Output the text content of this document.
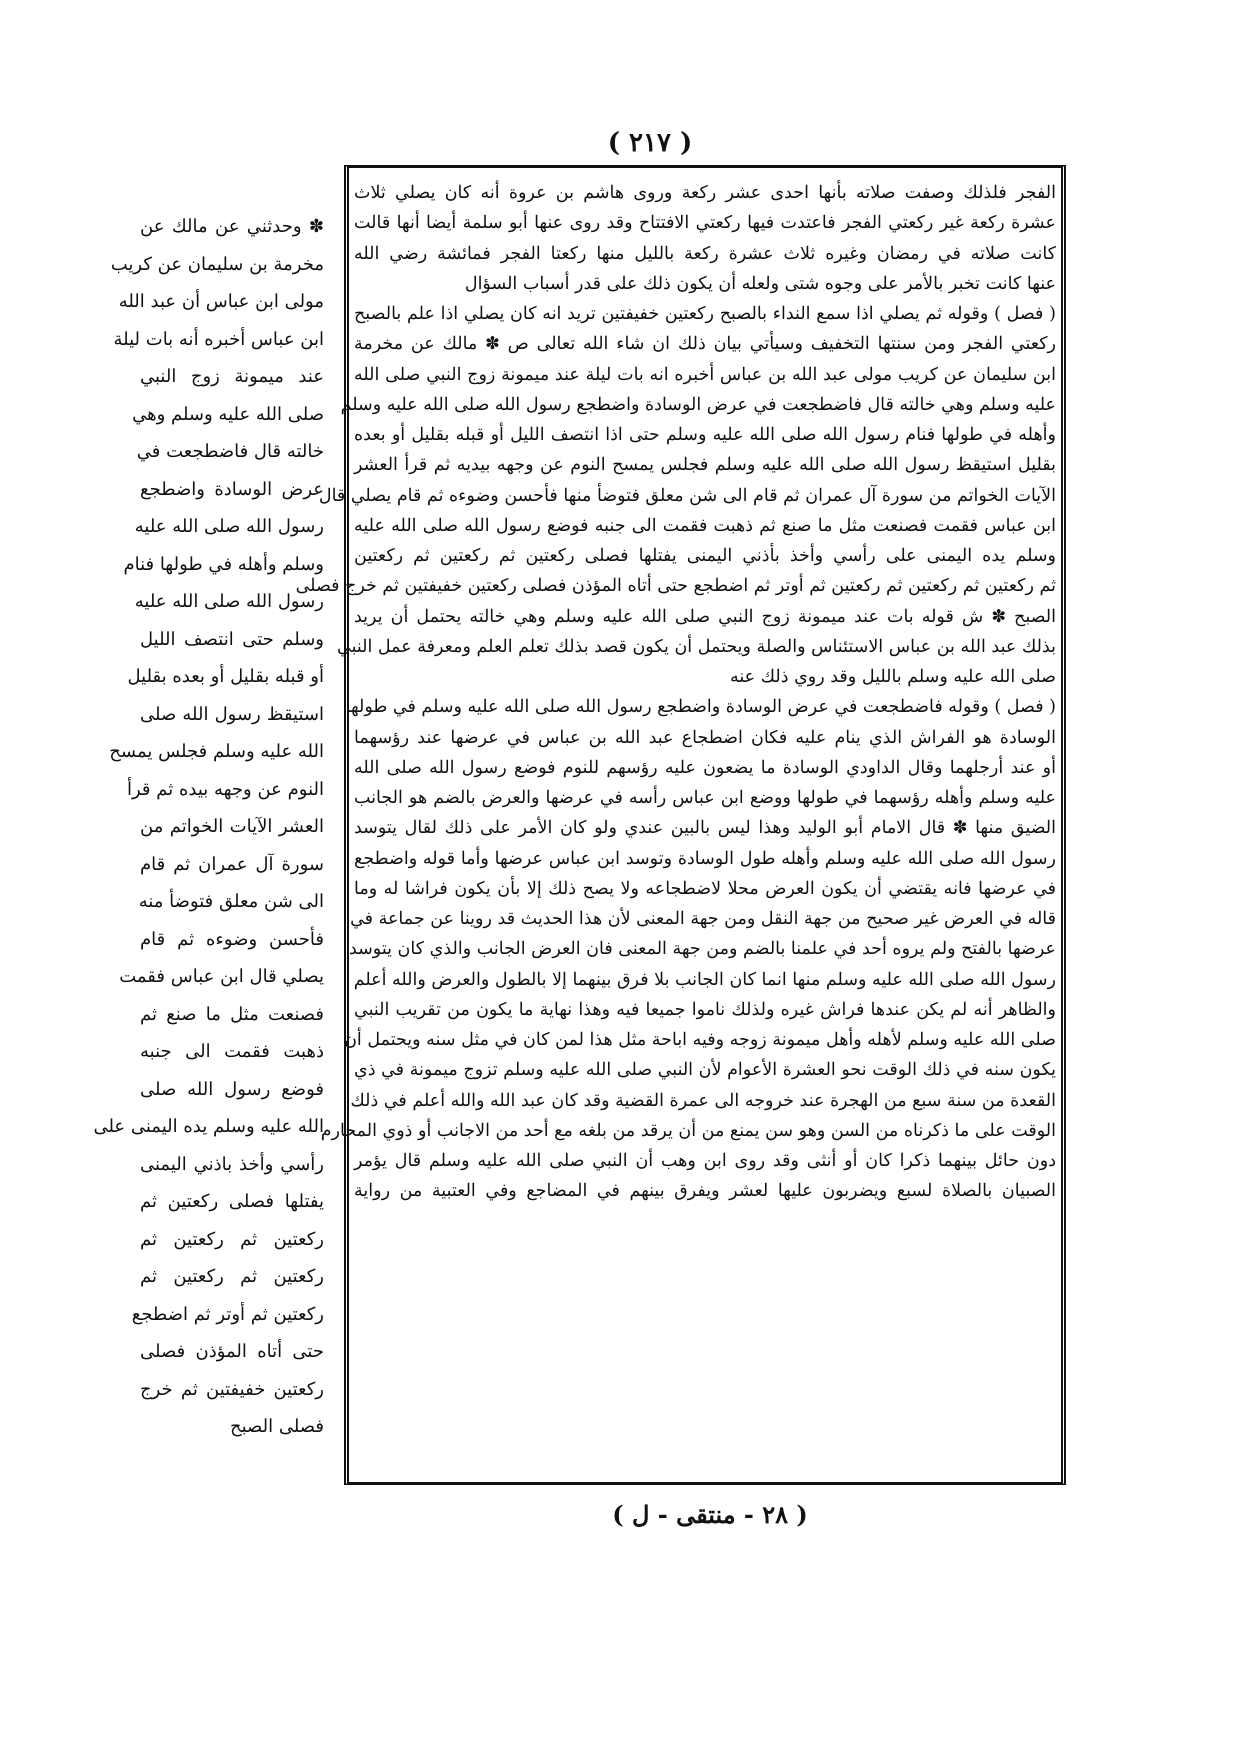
( ٢١٧ )
الفجر فلذلك وصفت صلاته بأنها احدى عشر ركعة وروى هاشم بن عروة أنه كان يصلي ثلاث
عشرة ركعة غير ركعتي الفجر فاعتدت فيها ركعتي الافتتاح وقد روى عنها أبو سلمة أيضا أنها قالت
كانت صلاته في رمضان وغيره ثلاث عشرة ركعة بالليل منها ركعتا الفجر فمائشة رضي الله
عنها كانت تخبر بالأمر على وجوه شتى ولعله أن يكون ذلك على قدر أسباب السؤال
( فصل ) وقوله ثم يصلي اذا سمع النداء بالصبح ركعتين خفيفتين تريد انه كان يصلي اذا علم بالصبح
ركعتي الفجر ومن سنتها التخفيف وسيأتي بيان ذلك ان شاء الله تعالى ص ✽ مالك عن مخرمة
ابن سليمان عن كريب مولى عبد الله بن عباس أخبره انه بات ليلة عند ميمونة زوج النبي صلى الله
عليه وسلم وهي خالته قال فاضطجعت في عرض الوسادة واضطجع رسول الله صلى الله عليه وسلم
وأهله في طولها فنام رسول الله صلى الله عليه وسلم حتى اذا انتصف الليل أو قبله بقليل أو بعده
بقليل استيقظ رسول الله صلى الله عليه وسلم فجلس يمسح النوم عن وجهه بيديه ثم قرأ العشر
الآيات الخواتم من سورة آل عمران ثم قام الى شن معلق فتوضأ منها فأحسن وضوءه ثم قام يصلي قال
ابن عباس فقمت فصنعت مثل ما صنع ثم ذهبت فقمت الى جنبه فوضع رسول الله صلى الله عليه
وسلم يده اليمنى على رأسي وأخذ بأذني اليمنى يفتلها فصلى ركعتين ثم ركعتين ثم ركعتين
ثم ركعتين ثم ركعتين ثم ركعتين ثم أوتر ثم اضطجع حتى أتاه المؤذن فصلى ركعتين خفيفتين ثم خرج فصلى
الصبح ✽ ش قوله بات عند ميمونة زوج النبي صلى الله عليه وسلم وهي خالته يحتمل أن يريد
بذلك عبد الله بن عباس الاستئناس والصلة ويحتمل أن يكون قصد بذلك تعلم العلم ومعرفة عمل النبي
صلى الله عليه وسلم بالليل وقد روي ذلك عنه
( فصل ) وقوله فاضطجعت في عرض الوسادة واضطجع رسول الله صلى الله عليه وسلم في طولها
الوسادة هو الفراش الذي ينام عليه فكان اضطجاع عبد الله بن عباس في عرضها عند رؤسهما
أو عند أرجلهما وقال الداودي الوسادة ما يضعون عليه رؤسهم للنوم فوضع رسول الله صلى الله
عليه وسلم وأهله رؤسهما في طولها ووضع ابن عباس رأسه في عرضها والعرض بالضم هو الجانب
الضيق منها ✽ قال الامام أبو الوليد وهذا ليس بالبين عندي ولو كان الأمر على ذلك لقال يتوسد
رسول الله صلى الله عليه وسلم وأهله طول الوسادة وتوسد ابن عباس عرضها وأما قوله واضطجع
في عرضها فانه يقتضي أن يكون العرض محلا لاضطجاعه ولا يصح ذلك إلا بأن يكون فراشا له وما
قاله في العرض غير صحيح من جهة النقل ومن جهة المعنى لأن هذا الحديث قد روينا عن جماعة في
عرضها بالفتح ولم يروه أحد في علمنا بالضم ومن جهة المعنى فان العرض الجانب والذي كان يتوسد
رسول الله صلى الله عليه وسلم منها انما كان الجانب بلا فرق بينهما إلا بالطول والعرض والله أعلم
والظاهر أنه لم يكن عندها فراش غيره ولذلك ناموا جميعا فيه وهذا نهاية ما يكون من تقريب النبي
صلى الله عليه وسلم لأهله وأهل ميمونة زوجه وفيه اباحة مثل هذا لمن كان في مثل سنه ويحتمل أن
يكون سنه في ذلك الوقت نحو العشرة الأعوام لأن النبي صلى الله عليه وسلم تزوج ميمونة في ذي
القعدة من سنة سبع من الهجرة عند خروجه الى عمرة القضية وقد كان عبد الله والله أعلم في ذلك
الوقت على ما ذكرناه من السن وهو سن يمنع من أن يرقد من بلغه مع أحد من الاجانب أو ذوي المحارم
دون حائل بينهما ذكرا كان أو أنثى وقد روى ابن وهب أن النبي صلى الله عليه وسلم قال يؤمر
الصبيان بالصلاة لسبع ويضربون عليها لعشر ويفرق بينهم في المضاجع وفي العتبية من رواية
✽ وحدثني عن مالك عن
مخرمة بن سليمان عن كريب
مولى ابن عباس أن عبد الله
ابن عباس أخبره أنه بات ليلة
عند ميمونة زوج النبي
صلى الله عليه وسلم وهي
خالته قال فاضطجعت في
عرض الوسادة واضطجع
رسول الله صلى الله عليه
وسلم وأهله في طولها فنام
رسول الله صلى الله عليه
وسلم حتى انتصف الليل
أو قبله بقليل أو بعده بقليل
استيقظ رسول الله صلى
الله عليه وسلم فجلس يمسح
النوم عن وجهه بيده ثم قرأ
العشر الآيات الخواتم من
سورة آل عمران ثم قام
الى شن معلق فتوضأ منه
فأحسن وضوءه ثم قام
يصلي قال ابن عباس فقمت
فصنعت مثل ما صنع ثم
ذهبت فقمت الى جنبه
فوضع رسول الله صلى
الله عليه وسلم يده اليمنى على
رأسي وأخذ باذني اليمنى
يفتلها فصلى ركعتين ثم
ركعتين ثم ركعتين ثم
ركعتين ثم ركعتين ثم
ركعتين ثم أوتر ثم اضطجع
حتى أتاه المؤذن فصلى
ركعتين خفيفتين ثم خرج
فصلى الصبح
( ٢٨ - منتقى - ل )
